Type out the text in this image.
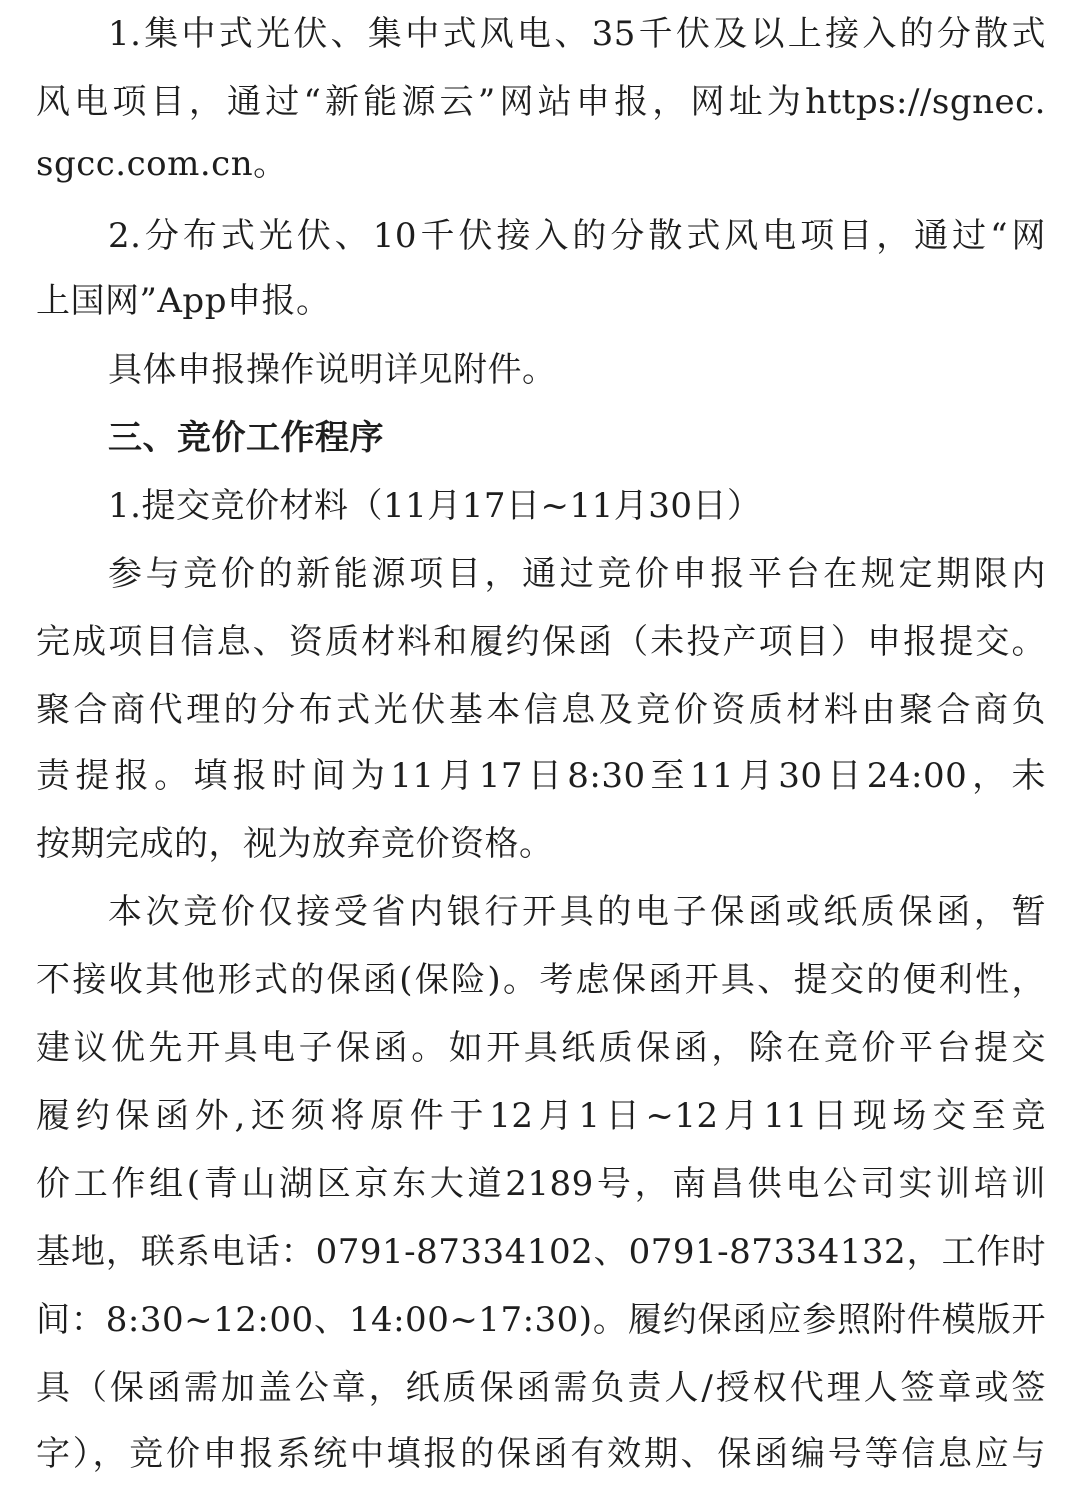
1.集中式光伏、集中式风电、35千伏及以上接入的分散式
风电项目，通过“新能源云”网站申报，网址为https://sgnec.
sgcc.com.cn。
2.分布式光伏、10千伏接入的分散式风电项目，通过“网
上国网”App申报。
具体申报操作说明详见附件。
三、竞价工作程序
1.提交竞价材料（11月17日~11月30日）
参与竞价的新能源项目，通过竞价申报平台在规定期限内
完成项目信息、资质材料和履约保函（未投产项目）申报提交。
聚合商代理的分布式光伏基本信息及竞价资质材料由聚合商负
责提报。填报时间为11月17日8:30至11月30日24:00，未
按期完成的，视为放弃竞价资格。
本次竞价仅接受省内银行开具的电子保函或纸质保函，暂
不接收其他形式的保函(保险)。考虑保函开具、提交的便利性，
建议优先开具电子保函。如开具纸质保函，除在竞价平台提交
履约保函外,还须将原件于12月1日~12月11日现场交至竞
价工作组(青山湖区京东大道2189号，南昌供电公司实训培训
基地，联系电话：0791-87334102、0791-87334132，工作时
间：8:30~12:00、14:00~17:30)。履约保函应参照附件模版开
具（保函需加盖公章，纸质保函需负责人/授权代理人签章或签
字），竞价申报系统中填报的保函有效期、保函编号等信息应与
